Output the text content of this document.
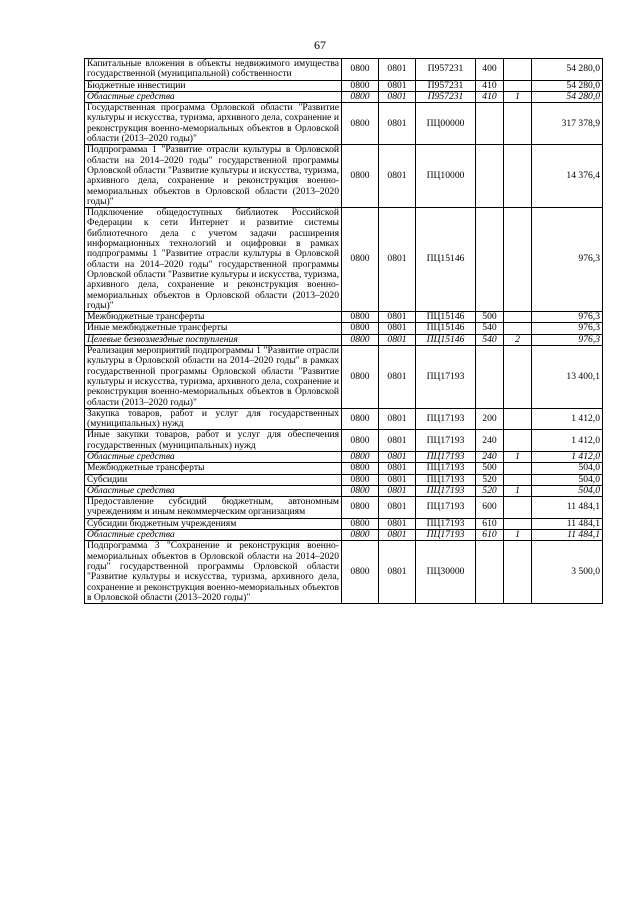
67
Капитальные вложения в объекты недвижимого имущества государственной (муниципальной) собственности	0800	0801	П957231	400		54 280,0
Бюджетные инвестиции	0800	0801	П957231	410		54 280,0
Областные средства	0800	0801	П957231	410	1	54 280,0
Государственная программа Орловской области "Развитие культуры и искусства, туризма, архивного дела, сохранение и реконструкция военно-мемориальных объектов в Орловской области (2013–2020 годы)"	0800	0801	ПЦ00000			317 378,9
Подпрограмма 1 "Развитие отрасли культуры в Орловской области на 2014–2020 годы" государственной программы Орловской области "Развитие культуры и искусства, туризма, архивного дела, сохранение и реконструкция военно-мемориальных объектов в Орловской области (2013–2020 годы)"	0800	0801	ПЦ10000			14 376,4
Подключение общедоступных библиотек Российской Федерации к сети Интернет и развитие системы библиотечного дела с учетом задачи расширения информационных технологий и оцифровки в рамках подпрограммы 1 "Развитие отрасли культуры в Орловской области на 2014–2020 годы" государственной программы Орловской области "Развитие культуры и искусства, туризма, архивного дела, сохранение и реконструкция военно-мемориальных объектов в Орловской области (2013–2020 годы)"	0800	0801	ПЦ15146			976,3
Межбюджетные трансферты	0800	0801	ПЦ15146	500		976,3
Иные межбюджетные трансферты	0800	0801	ПЦ15146	540		976,3
Целевые безвозмездные поступления	0800	0801	ПЦ15146	540	2	976,3
Реализация мероприятий подпрограммы 1 "Развитие отрасли культуры в Орловской области на 2014–2020 годы" в рамках государственной программы Орловской области "Развитие культуры и искусства, туризма, архивного дела, сохранение и реконструкция военно-мемориальных объектов в Орловской области (2013–2020 годы)"	0800	0801	ПЦ17193			13 400,1
Закупка товаров, работ и услуг для государственных (муниципальных) нужд	0800	0801	ПЦ17193	200		1 412,0
Иные закупки товаров, работ и услуг для обеспечения государственных (муниципальных) нужд	0800	0801	ПЦ17193	240		1 412,0
Областные средства	0800	0801	ПЦ17193	240	1	1 412,0
Межбюджетные трансферты	0800	0801	ПЦ17193	500		504,0
Субсидии	0800	0801	ПЦ17193	520		504,0
Областные средства	0800	0801	ПЦ17193	520	1	504,0
Предоставление субсидий бюджетным, автономным учреждениям и иным некоммерческим организациям	0800	0801	ПЦ17193	600		11 484,1
Субсидии бюджетным учреждениям	0800	0801	ПЦ17193	610		11 484,1
Областные средства	0800	0801	ПЦ17193	610	1	11 484,1
Подпрограмма 3 "Сохранение и реконструкция военно-мемориальных объектов в Орловской области на 2014–2020 годы" государственной программы Орловской области "Развитие культуры и искусства, туризма, архивного дела, сохранение и реконструкция военно-мемориальных объектов в Орловской области (2013–2020 годы)"	0800	0801	ПЦ30000			3 500,0
